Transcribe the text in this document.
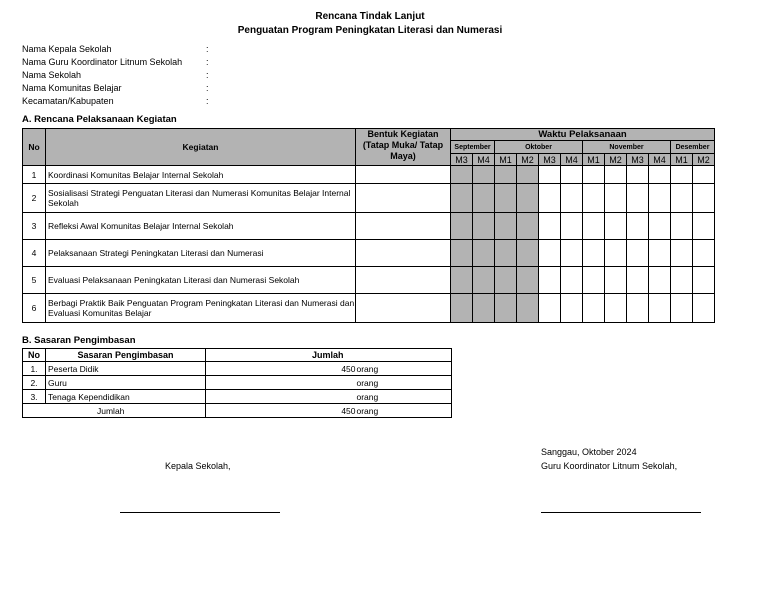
Rencana Tindak Lanjut
Penguatan Program Peningkatan Literasi dan Numerasi
Nama Kepala Sekolah	:
Nama Guru Koordinator Litnum Sekolah	:
Nama Sekolah	:
Nama Komunitas Belajar	:
Kecamatan/Kabupaten	:
A. Rencana Pelaksanaan Kegiatan
No	Kegiatan	Bentuk Kegiatan (Tatap Muka/ Tatap Maya)	Waktu Pelaksanaan											
			September		Oktober				November				Desember	
			M3	M4	M1	M2	M3	M4	M1	M2	M3	M4	M1	M2
1	Koordinasi Komunitas Belajar Internal Sekolah													
2	Sosialisasi Strategi Penguatan Literasi dan Numerasi Komunitas Belajar Internal Sekolah													
3	Refleksi Awal Komunitas Belajar Internal Sekolah													
4	Pelaksanaan Strategi Peningkatan Literasi dan Numerasi													
5	Evaluasi Pelaksanaan Peningkatan Literasi dan Numerasi Sekolah													
6	Berbagi Praktik Baik Penguatan Program Peningkatan Literasi dan Numerasi dan Evaluasi Komunitas Belajar													
B. Sasaran Pengimbasan
No	Sasaran Pengimbasan	Jumlah	
1.	Peserta Didik	450	orang
2.	Guru		orang
3.	Tenaga Kependidikan		orang
Jumlah		450	orang
Sanggau, Oktober 2024
Guru Koordinator Litnum Sekolah,
Kepala Sekolah,
